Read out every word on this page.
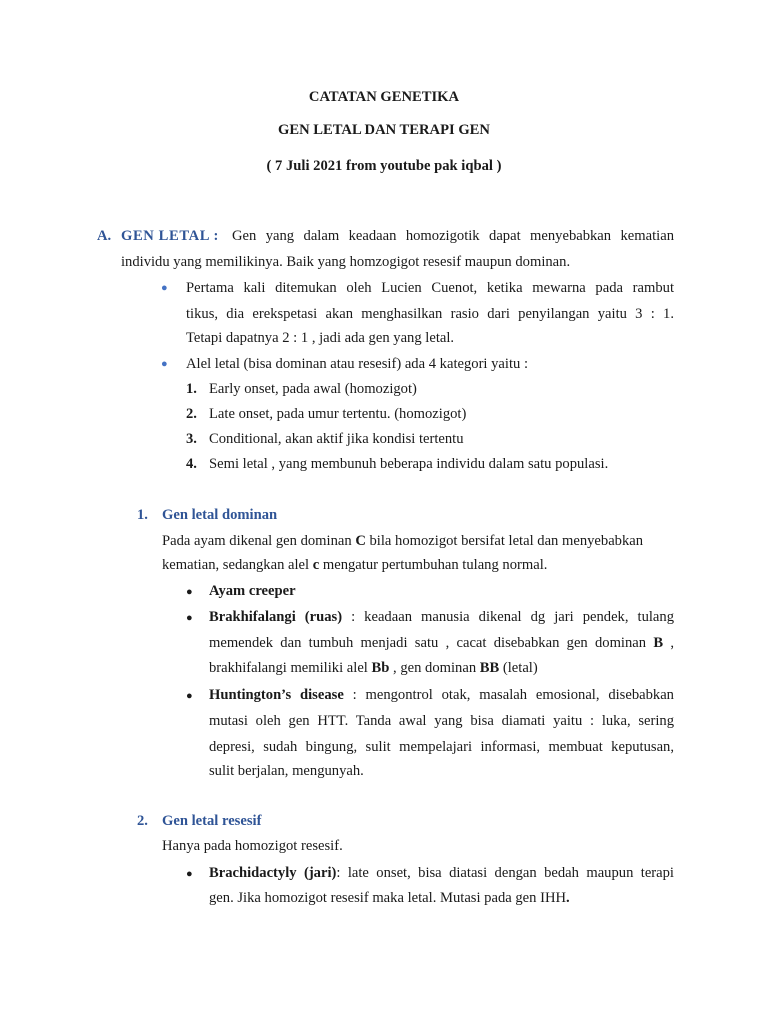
CATATAN GENETIKA
GEN LETAL DAN TERAPI GEN
( 7 Juli 2021 from youtube pak iqbal )
A. GEN LETAL : Gen yang dalam keadaan homozigotik dapat menyebabkan kematian
individu yang memilikinya. Baik yang homzogigot resesif maupun dominan.
● Pertama kali ditemukan oleh Lucien Cuenot, ketika mewarna pada rambut
tikus, dia erekspetasi akan menghasilkan rasio dari penyilangan yaitu 3 : 1.
Tetapi dapatnya 2 : 1 , jadi ada gen yang letal.
● Alel letal (bisa dominan atau resesif) ada 4 kategori yaitu :
1. Early onset, pada awal (homozigot)
2. Late onset, pada umur tertentu. (homozigot)
3. Conditional, akan aktif jika kondisi tertentu
4. Semi letal , yang membunuh beberapa individu dalam satu populasi.
1. Gen letal dominan
Pada ayam dikenal gen dominan C bila homozigot bersifat letal dan menyebabkan
kematian, sedangkan alel c mengatur pertumbuhan tulang normal.
● Ayam creeper
● Brakhifalangi (ruas) : keadaan manusia dikenal dg jari pendek, tulang
memendek dan tumbuh menjadi satu , cacat disebabkan gen dominan B ,
brakhifalangi memiliki alel Bb , gen dominan BB (letal)
● Huntington’s disease : mengontrol otak, masalah emosional, disebabkan
mutasi oleh gen HTT. Tanda awal yang bisa diamati yaitu : luka, sering
depresi, sudah bingung, sulit mempelajari informasi, membuat keputusan,
sulit berjalan, mengunyah.
2. Gen letal resesif
Hanya pada homozigot resesif.
● Brachidactyly (jari): late onset, bisa diatasi dengan bedah maupun terapi
gen. Jika homozigot resesif maka letal. Mutasi pada gen IHH.
